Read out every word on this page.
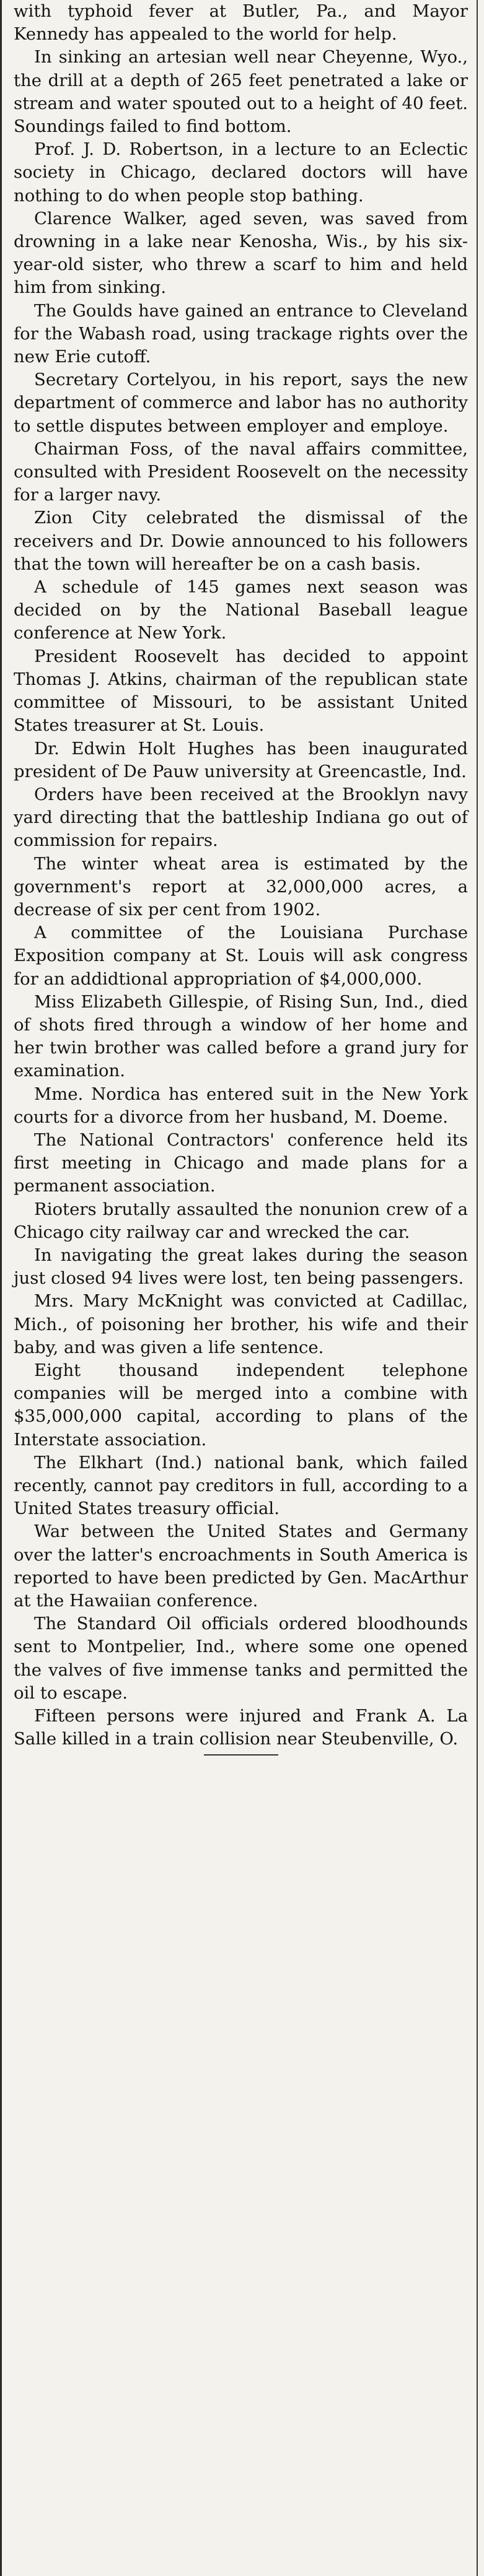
with typhoid fever at Butler, Pa., and Mayor Kennedy has appealed to the world for help.

In sinking an artesian well near Cheyenne, Wyo., the drill at a depth of 265 feet penetrated a lake or stream and water spouted out to a height of 40 feet. Soundings failed to find bottom.

Prof. J. D. Robertson, in a lecture to an Eclectic society in Chicago, declared doctors will have nothing to do when people stop bathing.

Clarence Walker, aged seven, was saved from drowning in a lake near Kenosha, Wis., by his six-year-old sister, who threw a scarf to him and held him from sinking.

The Goulds have gained an entrance to Cleveland for the Wabash road, using trackage rights over the new Erie cutoff.

Secretary Cortelyou, in his report, says the new department of commerce and labor has no authority to settle disputes between employer and employe.

Chairman Foss, of the naval affairs committee, consulted with President Roosevelt on the necessity for a larger navy.

Zion City celebrated the dismissal of the receivers and Dr. Dowie announced to his followers that the town will hereafter be on a cash basis.

A schedule of 145 games next season was decided on by the National Baseball league conference at New York.

President Roosevelt has decided to appoint Thomas J. Atkins, chairman of the republican state committee of Missouri, to be assistant United States treasurer at St. Louis.

Dr. Edwin Holt Hughes has been inaugurated president of De Pauw university at Greencastle, Ind.

Orders have been received at the Brooklyn navy yard directing that the battleship Indiana go out of commission for repairs.

The winter wheat area is estimated by the government's report at 32,000,000 acres, a decrease of six per cent from 1902.

A committee of the Louisiana Purchase Exposition company at St. Louis will ask congress for an addidtional appropriation of $4,000,000.

Miss Elizabeth Gillespie, of Rising Sun, Ind., died of shots fired through a window of her home and her twin brother was called before a grand jury for examination.

Mme. Nordica has entered suit in the New York courts for a divorce from her husband, M. Doeme.

The National Contractors' conference held its first meeting in Chicago and made plans for a permanent association.

Rioters brutally assaulted the nonunion crew of a Chicago city railway car and wrecked the car.

In navigating the great lakes during the season just closed 94 lives were lost, ten being passengers.

Mrs. Mary McKnight was convicted at Cadillac, Mich., of poisoning her brother, his wife and their baby, and was given a life sentence.

Eight thousand independent telephone companies will be merged into a combine with $35,000,000 capital, according to plans of the Interstate association.

The Elkhart (Ind.) national bank, which failed recently, cannot pay creditors in full, according to a United States treasury official.

War between the United States and Germany over the latter's encroachments in South America is reported to have been predicted by Gen. MacArthur at the Hawaiian conference.

The Standard Oil officials ordered bloodhounds sent to Montpelier, Ind., where some one opened the valves of five immense tanks and permitted the oil to escape.

Fifteen persons were injured and Frank A. La Salle killed in a train collision near Steubenville, O.
